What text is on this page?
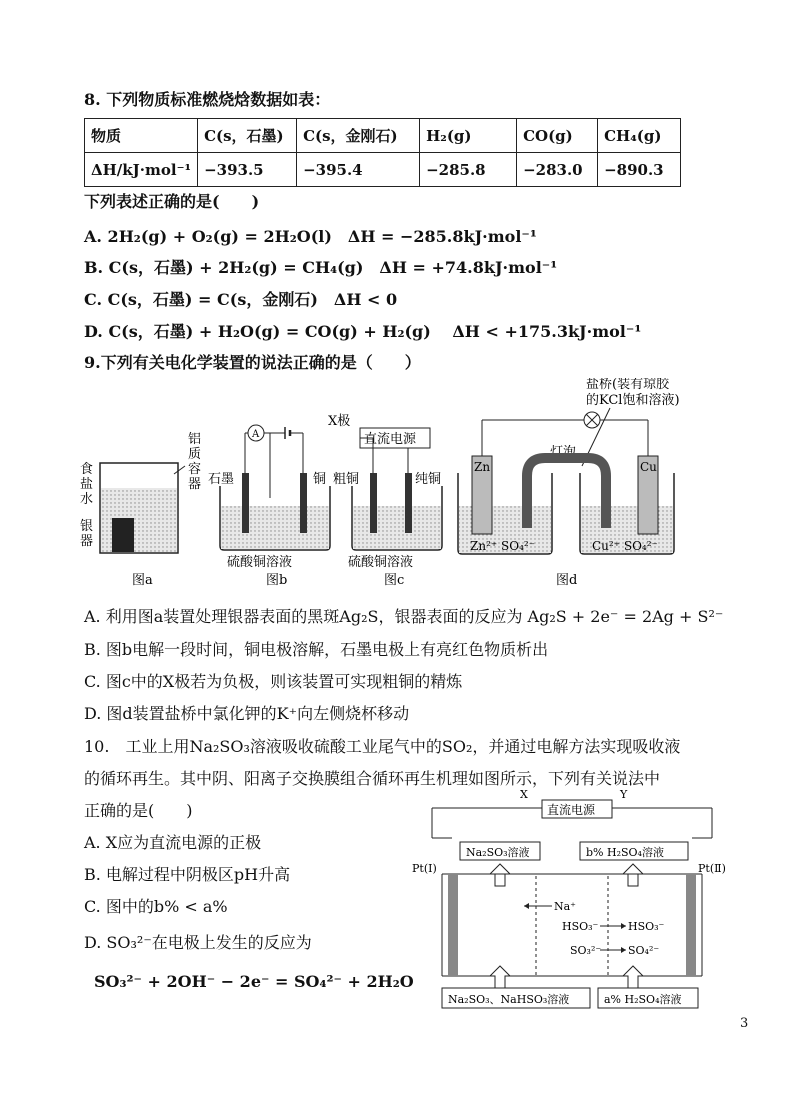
8. 下列物质标准燃烧焓数据如表：
物质	C(s，石墨)	C(s，金刚石)	H₂(g)	CO(g)	CH₄(g)
ΔH/kJ·mol⁻¹	−393.5	−395.4	−285.8	−283.0	−890.3
下列表述正确的是(　　)
A. 2H₂(g) + O₂(g) = 2H₂O(l)　ΔH = −285.8kJ·mol⁻¹
B. C(s，石墨) + 2H₂(g) = CH₄(g)　ΔH = +74.8kJ·mol⁻¹
C. C(s，石墨) = C(s，金刚石)　ΔH < 0
D. C(s，石墨) + H₂O(g) = CO(g) + H₂(g)　 ΔH < +175.3kJ·mol⁻¹
9.下列有关电化学装置的说法正确的是（　　）
食
盐
水
银
器
铝
质
容
器
图a
A
石墨	铜
硫酸铜溶液
图b
直流电源
X极
粗铜	纯铜
硫酸铜溶液
图c
盐桥(装有琼胶
的KCl饱和溶液)
灯泡
Zn
Zn²⁺ SO₄²⁻
Cu
Cu²⁺ SO₄²⁻
图d
A. 利用图a装置处理银器表面的黑斑Ag₂S，银器表面的反应为 Ag₂S + 2e⁻ = 2Ag + S²⁻
B. 图b电解一段时间，铜电极溶解，石墨电极上有亮红色物质析出
C. 图c中的X极若为负极，则该装置可实现粗铜的精炼
D. 图d装置盐桥中氯化钾的K⁺向左侧烧杯移动
10.　工业上用Na₂SO₃溶液吸收硫酸工业尾气中的SO₂，并通过电解方法实现吸收液
的循环再生。其中阴、阳离子交换膜组合循环再生机理如图所示，下列有关说法中
正确的是(　　)
A. X应为直流电源的正极
B. 电解过程中阴极区pH升高
C. 图中的b% < a%
D. SO₃²⁻在电极上发生的反应为
SO₃²⁻ + 2OH⁻ − 2e⁻ = SO₄²⁻ + 2H₂O
直流电源
X	Y
Na₂SO₃溶液	b% H₂SO₄溶液
Pt(Ⅰ)	Pt(Ⅱ)
Na⁺
HSO₃⁻	HSO₃⁻
SO₃²⁻ SO₄²⁻
Na₂SO₃、NaHSO₃溶液	a% H₂SO₄溶液
3
